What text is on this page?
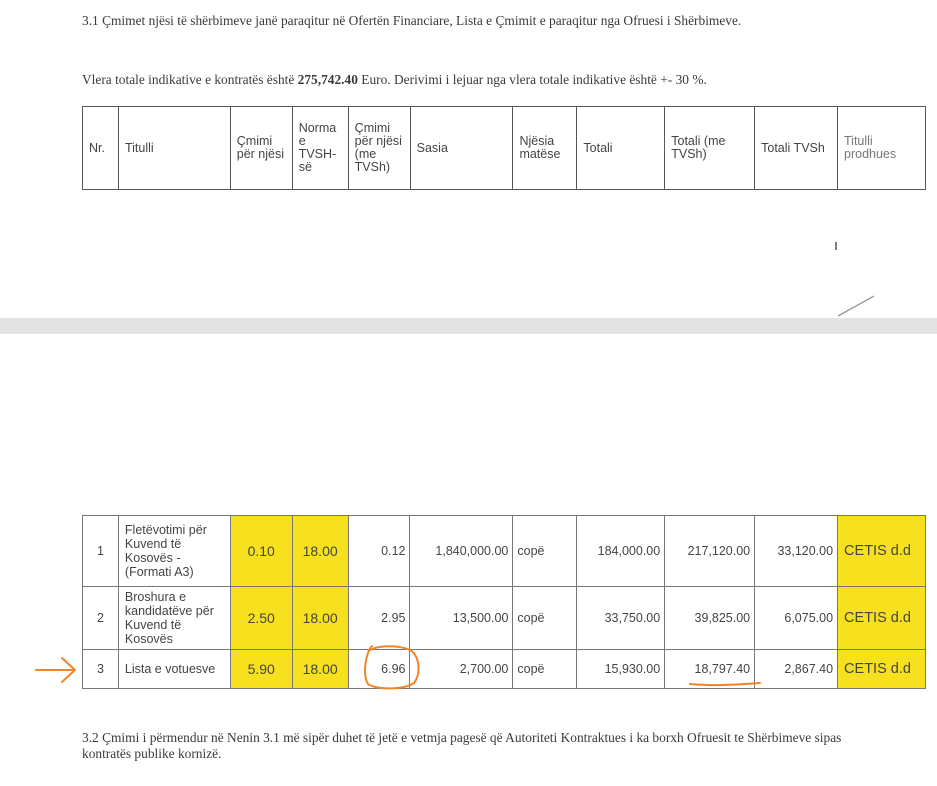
3.1 Çmimet njësi të shërbimeve janë paraqitur në Ofertën Financiare, Lista e Çmimit e paraqitur nga Ofruesi i Shërbimeve.
Vlera totale indikative e kontratës është 275,742.40 Euro. Derivimi i lejuar nga vlera totale indikative është +- 30 %.
Nr.	Titulli	Çmimi për njësi	Norma e TVSH-së	Çmimi për njësi (me TVSh)	Sasia	Njësia matëse	Totali	Totali (me TVSh)	Totali TVSh	Titulli prodhues
1	Fletëvotimi për Kuvend të Kosovës - (Formati A3)	0.10	18.00	0.12	1,840,000.00	copë	184,000.00	217,120.00	33,120.00	CETIS d.d
2	Broshura e kandidatëve për Kuvend të Kosovës	2.50	18.00	2.95	13,500.00	copë	33,750.00	39,825.00	6,075.00	CETIS d.d
3	Lista e votuesve	5.90	18.00	6.96	2,700.00	copë	15,930.00	18,797.40	2,867.40	CETIS d.d
3.2 Çmimi i përmendur në Nenin 3.1 më sipër duhet të jetë e vetmja pagesë që Autoriteti Kontraktues i ka borxh Ofruesit te Shërbimeve sipas kontratës publike kornizë.
